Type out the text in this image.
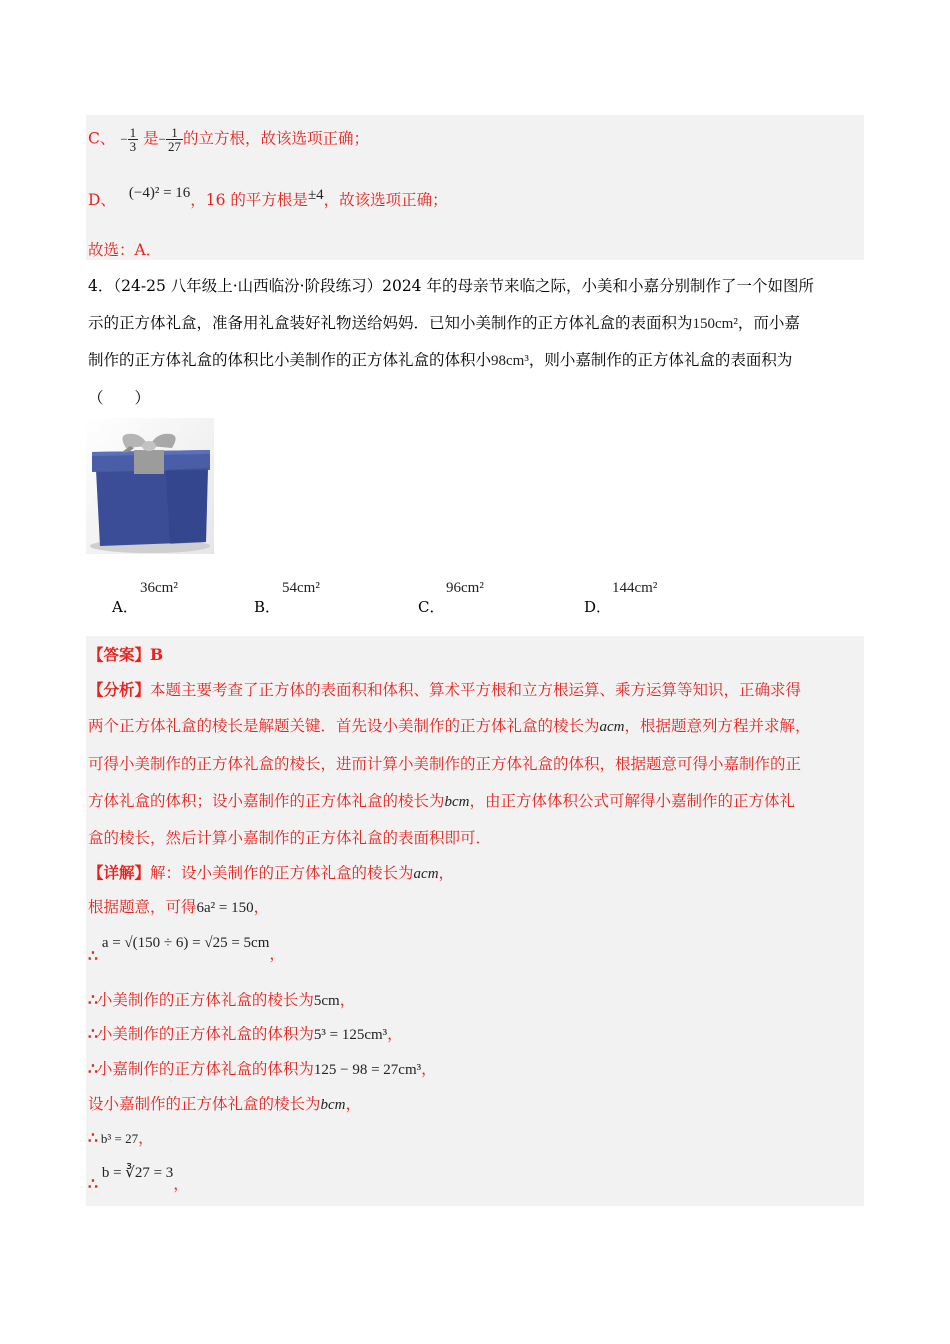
C、 − $\frac{1}{3}$ 是− $\frac{1}{27}$ 的立方根，故该选项正确；
D、 (−4)² = 16，16 的平方根是±4，故该选项正确；
故选：A．
4．（24-25 八年级上·山西临汾·阶段练习）2024 年的母亲节来临之际，小美和小嘉分别制作了一个如图所
示的正方体礼盒，准备用礼盒装好礼物送给妈妈．已知小美制作的正方体礼盒的表面积为150cm²，而小嘉
制作的正方体礼盒的体积比小美制作的正方体礼盒的体积小98cm³，则小嘉制作的正方体礼盒的表面积为
（　　）
A．
36cm²
B．
54cm²
C．
96cm²
D．
144cm²
【答案】B
【分析】本题主要考查了正方体的表面积和体积、算术平方根和立方根运算、乘方运算等知识，正确求得
两个正方体礼盒的棱长是解题关键．首先设小美制作的正方体礼盒的棱长为acm，根据题意列方程并求解，
可得小美制作的正方体礼盒的棱长，进而计算小美制作的正方体礼盒的体积，根据题意可得小嘉制作的正
方体礼盒的体积；设小嘉制作的正方体礼盒的棱长为bcm，由正方体体积公式可解得小嘉制作的正方体礼
盒的棱长，然后计算小嘉制作的正方体礼盒的表面积即可．
【详解】解：设小美制作的正方体礼盒的棱长为acm，
根据题意，可得6a² = 150，
∴ a = √(150 ÷ 6) = √25 = 5cm，
∴小美制作的正方体礼盒的棱长为5cm，
∴小美制作的正方体礼盒的体积为5³ = 125cm³，
∴小嘉制作的正方体礼盒的体积为125 − 98 = 27cm³，
设小嘉制作的正方体礼盒的棱长为bcm，
∴ b³ = 27，
∴ b = ∛27 = 3，
